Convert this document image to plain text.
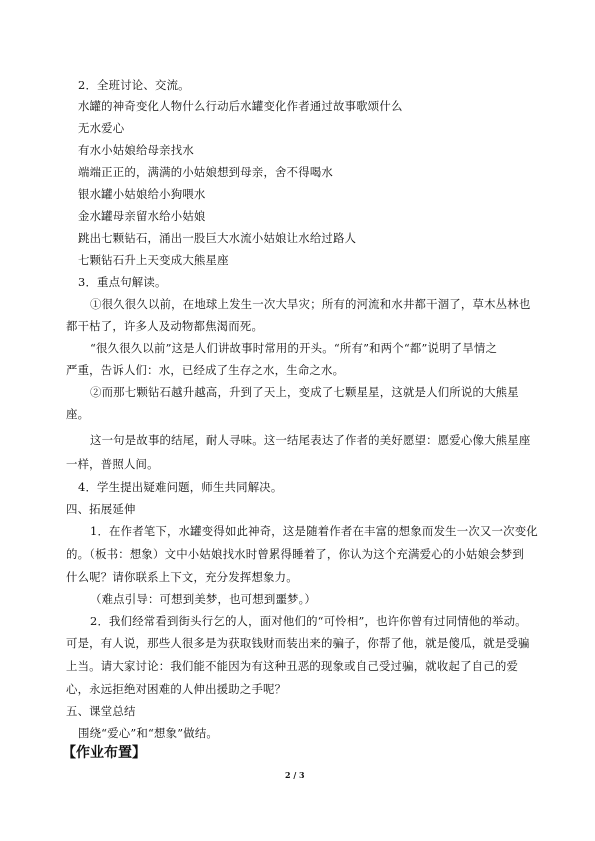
2．全班讨论、交流。
水罐的神奇变化人物什么行动后水罐变化作者通过故事歌颂什么
无水爱心
有水小姑娘给母亲找水
端端正正的，满满的小姑娘想到母亲，舍不得喝水
银水罐小姑娘给小狗喂水
金水罐母亲留水给小姑娘
跳出七颗钻石，涌出一股巨大水流小姑娘让水给过路人
七颗钻石升上天变成大熊星座
3．重点句解读。
①很久很久以前，在地球上发生一次大旱灾；所有的河流和水井都干涸了，草木丛林也
都干枯了，许多人及动物都焦渴而死。
“很久很久以前”这是人们讲故事时常用的开头。“所有”和两个“都”说明了旱情之
严重，告诉人们：水，已经成了生存之水，生命之水。
②而那七颗钻石越升越高，升到了天上，变成了七颗星星，这就是人们所说的大熊星
座。
这一句是故事的结尾，耐人寻味。这一结尾表达了作者的美好愿望：愿爱心像大熊星座
一样，普照人间。
4．学生提出疑难问题，师生共同解决。
四、拓展延伸
1．在作者笔下，水罐变得如此神奇，这是随着作者在丰富的想象而发生一次又一次变化
的。（板书：想象）文中小姑娘找水时曾累得睡着了，你认为这个充满爱心的小姑娘会梦到
什么呢？请你联系上下文，充分发挥想象力。
（难点引导：可想到美梦，也可想到噩梦。）
2．我们经常看到街头行乞的人，面对他们的“可怜相”，也许你曾有过同情他的举动。
可是，有人说，那些人很多是为获取钱财而装出来的骗子，你帮了他，就是傻瓜，就是受骗
上当。请大家讨论：我们能不能因为有这种丑恶的现象或自己受过骗，就收起了自己的爱
心，永远拒绝对困难的人伸出援助之手呢？
五、课堂总结
围绕“爱心”和“想象”做结。
【作业布置】
2 / 3
